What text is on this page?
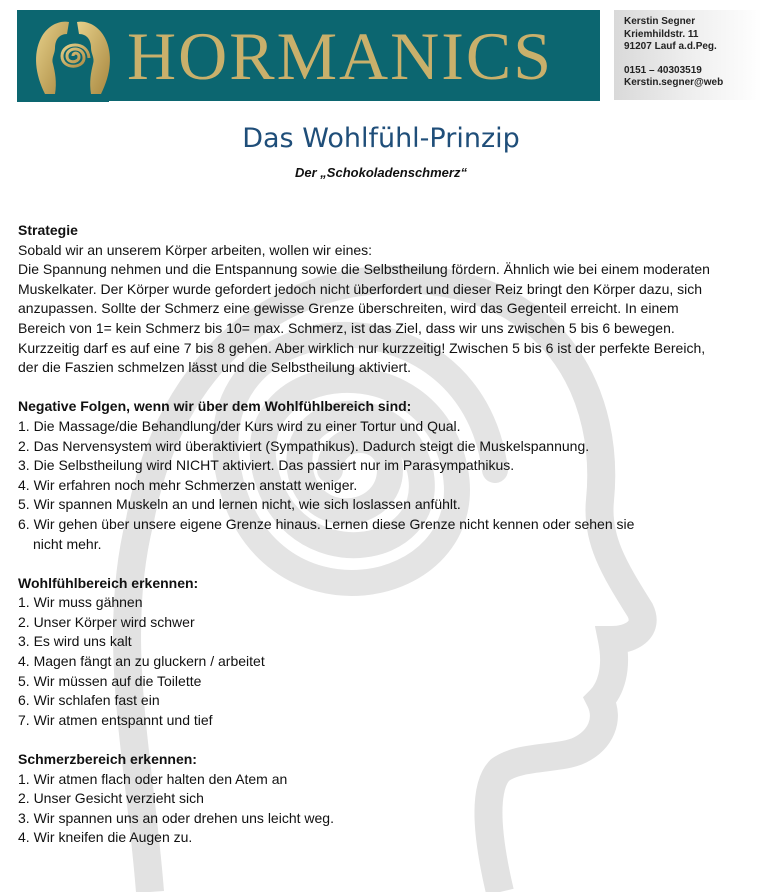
HORMANICS	Kerstin Segner
Kriemhildstr. 11
91207 Lauf a.d.Peg.
0151 – 40303519
Kerstin.segner@web
Das Wohlfühl-Prinzip
Der „Schokoladenschmerz“
Strategie

Sobald wir an unserem Körper arbeiten, wollen wir eines:

Die Spannung nehmen und die Entspannung sowie die Selbstheilung fördern. Ähnlich wie bei einem moderaten

Muskelkater. Der Körper wurde gefordert jedoch nicht überfordert und dieser Reiz bringt den Körper dazu, sich

anzupassen. Sollte der Schmerz eine gewisse Grenze überschreiten, wird das Gegenteil erreicht. In einem

Bereich von 1= kein Schmerz bis 10= max. Schmerz, ist das Ziel, dass wir uns zwischen 5 bis 6 bewegen.

Kurzzeitig darf es auf eine 7 bis 8 gehen. Aber wirklich nur kurzzeitig! Zwischen 5 bis 6 ist der perfekte Bereich,

der die Faszien schmelzen lässt und die Selbstheilung aktiviert.

Negative Folgen, wenn wir über dem Wohlfühlbereich sind:
1. Die Massage/die Behandlung/der Kurs wird zu einer Tortur und Qual.
2. Das Nervensystem wird überaktiviert (Sympathikus). Dadurch steigt die Muskelspannung.
3. Die Selbstheilung wird NICHT aktiviert. Das passiert nur im Parasympathikus.
4. Wir erfahren noch mehr Schmerzen anstatt weniger.
5. Wir spannen Muskeln an und lernen nicht, wie sich loslassen anfühlt.
6. Wir gehen über unsere eigene Grenze hinaus. Lernen diese Grenze nicht kennen oder sehen sie
nicht mehr.
Wohlfühlbereich erkennen:
1. Wir muss gähnen
2. Unser Körper wird schwer
3. Es wird uns kalt
4. Magen fängt an zu gluckern / arbeitet
5. Wir müssen auf die Toilette
6. Wir schlafen fast ein
7. Wir atmen entspannt und tief
Schmerzbereich erkennen:
1. Wir atmen flach oder halten den Atem an
2. Unser Gesicht verzieht sich
3. Wir spannen uns an oder drehen uns leicht weg.
4. Wir kneifen die Augen zu.
